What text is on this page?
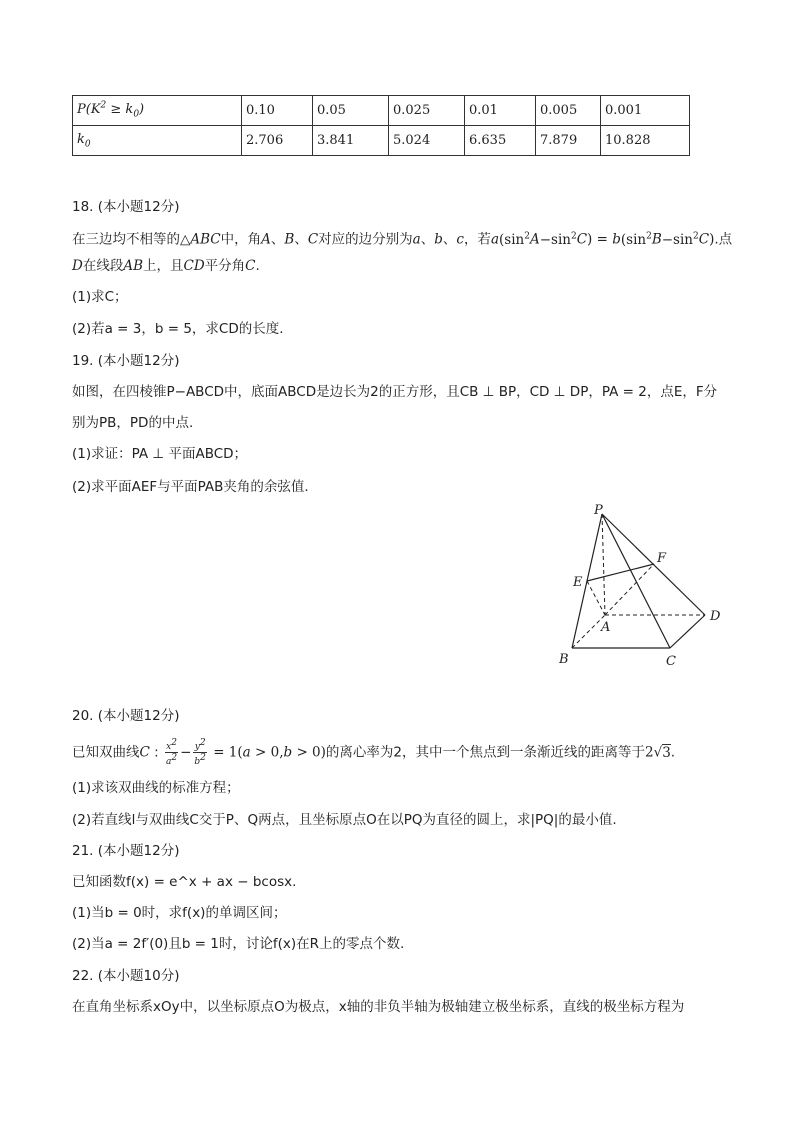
$P(K^2 \ge k_0)$	0.10	0.05	0.025	0.01	0.005	0.001
$k_0$	2.706	3.841	5.024	6.635	7.879	10.828
18. (本小题12分)
在三边均不相等的△ABC中，角A、B、C对应的边分别为a、b、c，若$a(\sin^2A-\sin^2C) = b(\sin^2B-\sin^2C)$.点
D在线段AB上，且CD平分角C.
(1)求C；
(2)若a = 3，b = 5，求CD的长度.
19. (本小题12分)
如图，在四棱锥P−ABCD中，底面ABCD是边长为2的正方形，且CB ⊥ BP，CD ⊥ DP，PA = 2，点E，F分
别为PB，PD的中点.
(1)求证：PA ⊥ 平面ABCD；
(2)求平面AEF与平面PAB夹角的余弦值.
P
F
E
A
D
B	C
20. (本小题12分)
已知双曲线C : $\frac{x^2}{a^2} - \frac{y^2}{b^2} = 1(a > 0,b > 0)$的离心率为2，其中一个焦点到一条渐近线的距离等于2√3.
(1)求该双曲线的标准方程；
(2)若直线l与双曲线C交于P、Q两点，且坐标原点O在以PQ为直径的圆上，求|PQ|的最小值.
21. (本小题12分)
已知函数f(x) = e^x + ax − bcosx.
(1)当b = 0时，求f(x)的单调区间；
(2)当a = 2f′(0)且b = 1时，讨论f(x)在R上的零点个数.
22. (本小题10分)
在直角坐标系xOy中，以坐标原点O为极点，x轴的非负半轴为极轴建立极坐标系，直线的极坐标方程为
